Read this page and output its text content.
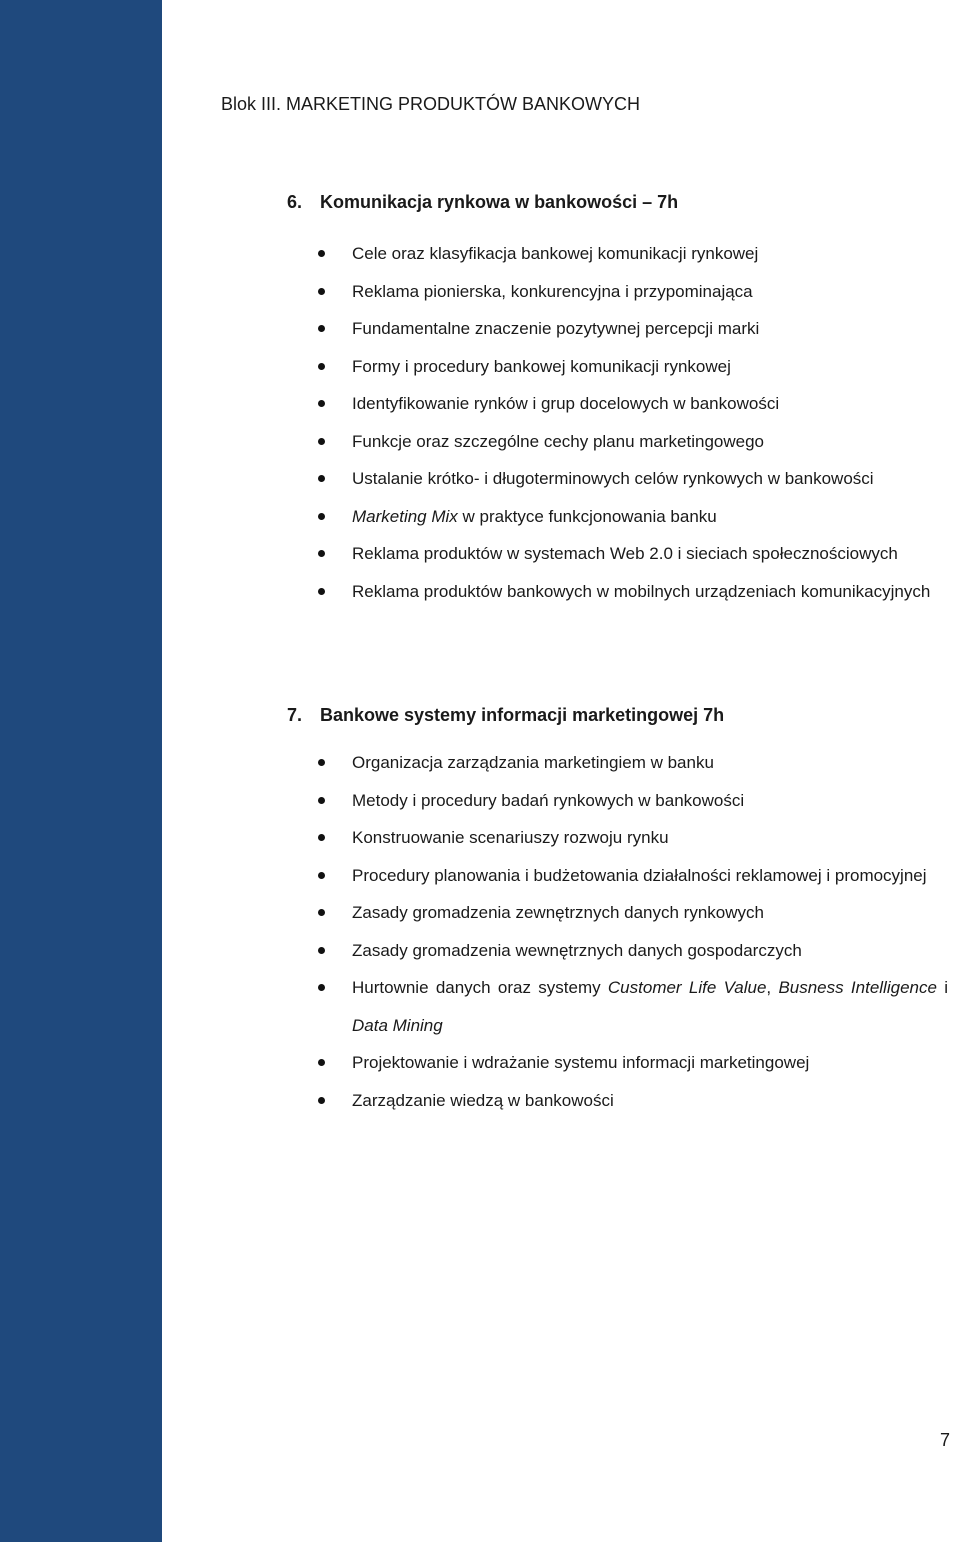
Blok III. MARKETING PRODUKTÓW BANKOWYCH
6. Komunikacja rynkowa w bankowości – 7h
Cele oraz klasyfikacja bankowej komunikacji rynkowej
Reklama pionierska, konkurencyjna i przypominająca
Fundamentalne znaczenie pozytywnej percepcji marki
Formy i procedury bankowej komunikacji rynkowej
Identyfikowanie rynków i grup docelowych w bankowości
Funkcje oraz szczególne cechy planu marketingowego
Ustalanie krótko- i długoterminowych celów rynkowych w bankowości
Marketing Mix w praktyce funkcjonowania banku
Reklama produktów w systemach Web 2.0 i sieciach społecznościowych
Reklama produktów bankowych w mobilnych urządzeniach komunikacyjnych
7. Bankowe systemy informacji marketingowej 7h
Organizacja zarządzania marketingiem w banku
Metody i procedury badań rynkowych w bankowości
Konstruowanie scenariuszy rozwoju rynku
Procedury planowania i budżetowania działalności reklamowej i promocyjnej
Zasady gromadzenia zewnętrznych danych rynkowych
Zasady gromadzenia wewnętrznych danych gospodarczych
Hurtownie danych oraz systemy Customer Life Value, Busness Intelligence i Data Mining
Projektowanie i wdrażanie systemu informacji marketingowej
Zarządzanie wiedzą w bankowości

7
